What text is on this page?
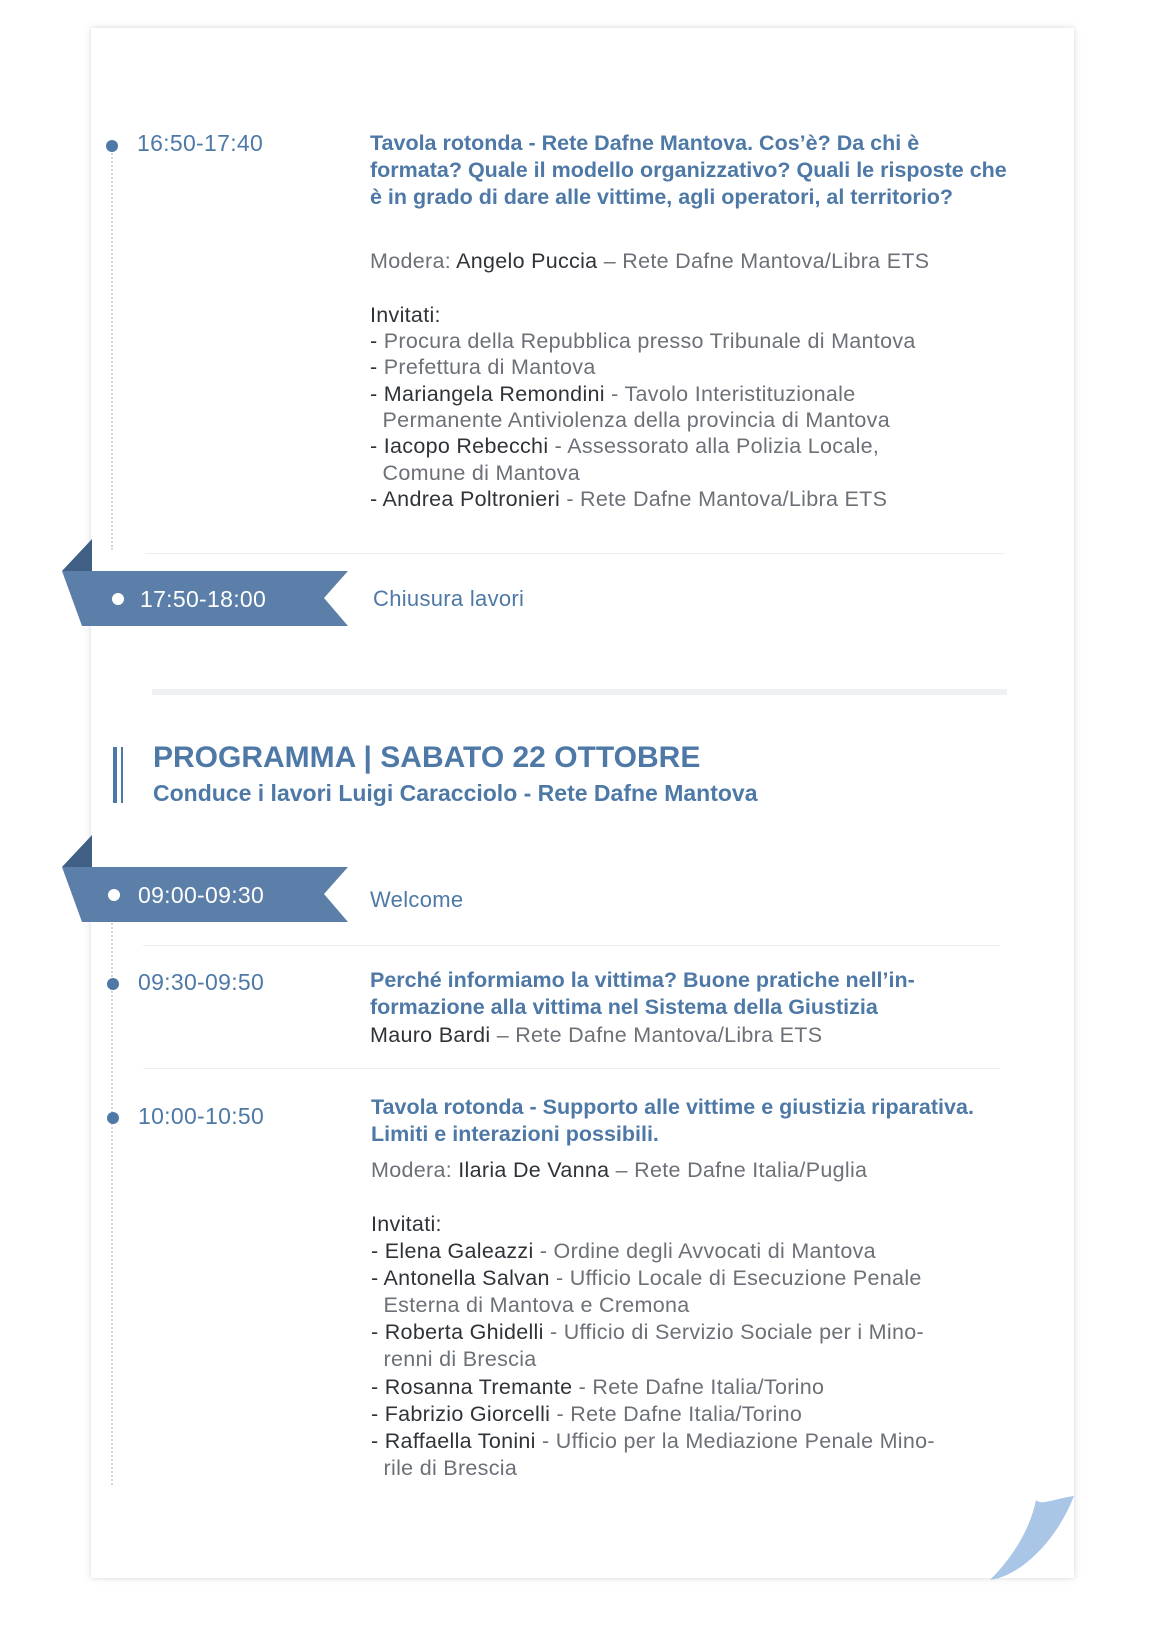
16:50-17:40	Tavola rotonda - Rete Dafne Mantova. Cos’è? Da chi è formata? Quale il modello organizzativo? Quali le risposte che è in grado di dare alle vittime, agli operatori, al territorio?
Modera: Angelo Puccia – Rete Dafne Mantova/Libra ETS
Invitati:
- Procura della Repubblica presso Tribunale di Mantova
- Prefettura di Mantova
- Mariangela Remondini - Tavolo Interistituzionale
Permanente Antiviolenza della provincia di Mantova
- Iacopo Rebecchi - Assessorato alla Polizia Locale,
Comune di Mantova
- Andrea Poltronieri - Rete Dafne Mantova/Libra ETS
17:50-18:00	Chiusura lavori
PROGRAMMA | SABATO 22 OTTOBRE
Conduce i lavori Luigi Caracciolo - Rete Dafne Mantova
09:00-09:30	Welcome
09:30-09:50	Perché informiamo la vittima? Buone pratiche nell’in- formazione alla vittima nel Sistema della Giustizia
Mauro Bardi – Rete Dafne Mantova/Libra ETS
10:00-10:50	Tavola rotonda - Supporto alle vittime e giustizia riparativa. Limiti e interazioni possibili.
Modera: Ilaria De Vanna – Rete Dafne Italia/Puglia
Invitati:
- Elena Galeazzi - Ordine degli Avvocati di Mantova
- Antonella Salvan - Ufficio Locale di Esecuzione Penale
Esterna di Mantova e Cremona
- Roberta Ghidelli - Ufficio di Servizio Sociale per i Mino-
renni di Brescia
- Rosanna Tremante - Rete Dafne Italia/Torino
- Fabrizio Giorcelli - Rete Dafne Italia/Torino
- Raffaella Tonini - Ufficio per la Mediazione Penale Mino-
rile di Brescia
